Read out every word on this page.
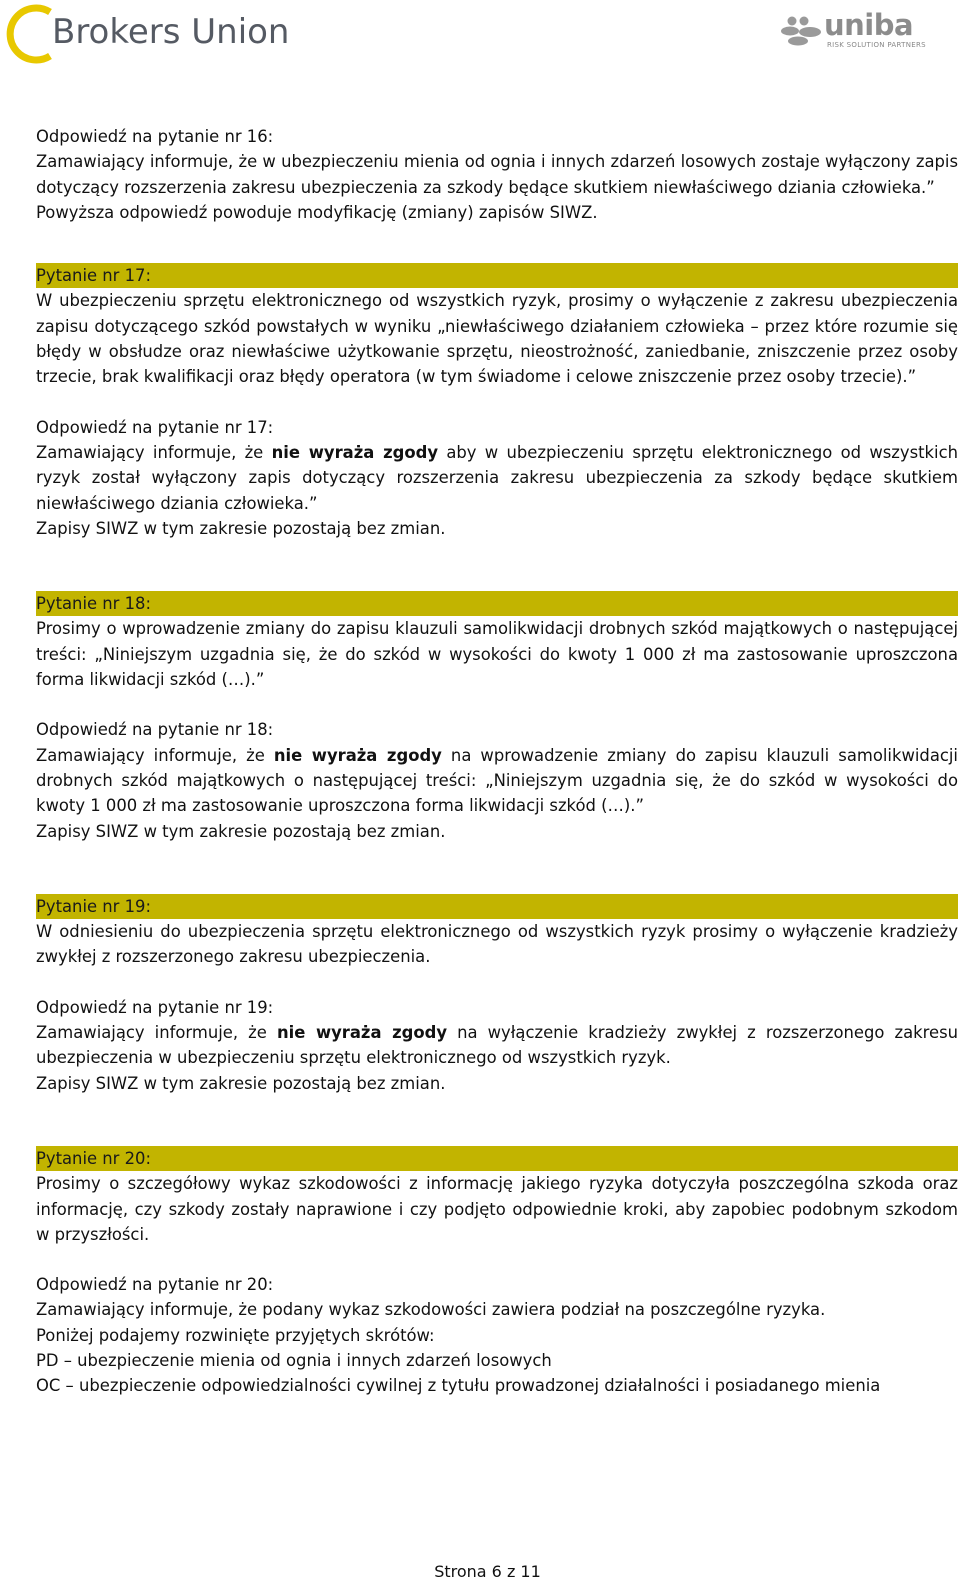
Brokers Union	uniba
RISK SOLUTION PARTNERS

Odpowiedź na pytanie nr 16:

Zamawiający informuje, że w ubezpieczeniu mienia od ognia i innych zdarzeń losowych zostaje wyłączony zapis dotyczący rozszerzenia zakresu ubezpieczenia za szkody będące skutkiem niewłaściwego dziania człowieka.”

Powyższa odpowiedź powoduje modyfikację (zmiany) zapisów SIWZ.

Pytanie nr 17:

W ubezpieczeniu sprzętu elektronicznego od wszystkich ryzyk, prosimy o wyłączenie z zakresu ubezpieczenia zapisu dotyczącego szkód powstałych w wyniku „niewłaściwego działaniem człowieka – przez które rozumie się błędy w obsłudze oraz niewłaściwe użytkowanie sprzętu, nieostrożność, zaniedbanie, zniszczenie przez osoby trzecie, brak kwalifikacji oraz błędy operatora (w tym świadome i celowe zniszczenie przez osoby trzecie).”

Odpowiedź na pytanie nr 17:

Zamawiający informuje, że nie wyraża zgody aby w ubezpieczeniu sprzętu elektronicznego od wszystkich ryzyk został wyłączony zapis dotyczący rozszerzenia zakresu ubezpieczenia za szkody będące skutkiem niewłaściwego dziania człowieka.”

Zapisy SIWZ w tym zakresie pozostają bez zmian.

Pytanie nr 18:

Prosimy o wprowadzenie zmiany do zapisu klauzuli samolikwidacji drobnych szkód majątkowych o następującej treści: „Niniejszym uzgadnia się, że do szkód w wysokości do kwoty 1 000 zł ma zastosowanie uproszczona forma likwidacji szkód (…).”

Odpowiedź na pytanie nr 18:

Zamawiający informuje, że nie wyraża zgody na wprowadzenie zmiany do zapisu klauzuli samolikwidacji drobnych szkód majątkowych o następującej treści: „Niniejszym uzgadnia się, że do szkód w wysokości do kwoty 1 000 zł ma zastosowanie uproszczona forma likwidacji szkód (…).”

Zapisy SIWZ w tym zakresie pozostają bez zmian.

Pytanie nr 19:

W odniesieniu do ubezpieczenia sprzętu elektronicznego od wszystkich ryzyk prosimy o wyłączenie kradzieży zwykłej z rozszerzonego zakresu ubezpieczenia.

Odpowiedź na pytanie nr 19:

Zamawiający informuje, że nie wyraża zgody na wyłączenie kradzieży zwykłej z rozszerzonego zakresu ubezpieczenia w ubezpieczeniu sprzętu elektronicznego od wszystkich ryzyk.

Zapisy SIWZ w tym zakresie pozostają bez zmian.

Pytanie nr 20:

Prosimy o szczegółowy wykaz szkodowości z informację jakiego ryzyka dotyczyła poszczególna szkoda oraz informację, czy szkody zostały naprawione i czy podjęto odpowiednie kroki, aby zapobiec podobnym szkodom w przyszłości.

Odpowiedź na pytanie nr 20:

Zamawiający informuje, że podany wykaz szkodowości zawiera podział na poszczególne ryzyka.

Poniżej podajemy rozwinięte przyjętych skrótów:

PD – ubezpieczenie mienia od ognia i innych zdarzeń losowych

OC – ubezpieczenie odpowiedzialności cywilnej z tytułu prowadzonej działalności i posiadanego mienia

Strona 6 z 11
